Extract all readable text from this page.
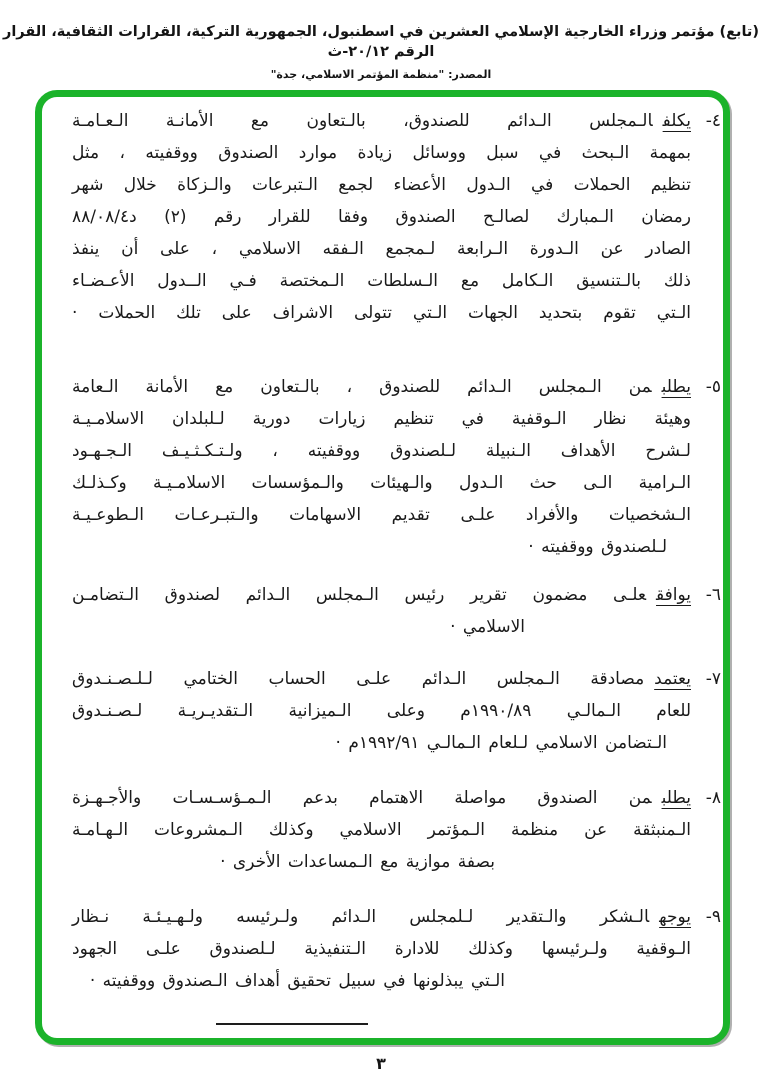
(تابع) مؤتمر وزراء الخارجية الإسلامي العشرين في اسطنبول، الجمهورية التركية، القرارات الثقافية، القرار الرقم ٢٠/١٢-ث
المصدر: "منظمة المؤتمر الاسلامي، جدة"
٤-
يكلفالـمجلس الـدائم للصندوق، بالـتعاون مع الأمانـة الـعـامـة
بمهمة الـبحث في سبل ووسائل زيادة موارد الصندوق ووقفيته ، مثل
تنظيم الحملات في الـدول الأعضاء لجمع الـتبرعات والـزكاة خلال شهر
رمضان الـمبارك لصالـح الصندوق وفقا للقرار رقم (٢) د٨٨/٠٨/٤
الصادر عن الـدورة الـرابعة لـمجمع الـفقه الاسلامي ، على أن ينفذ
ذلك بالـتنسيق الـكامل مع الـسلطات الـمختصة فـي الــدول الأعـضـاء
الـتي تقوم بتحديد الجهات الـتي تتولى الاشراف على تلك الحملات ·
٥-
يطلبمن الـمجلس الـدائم للصندوق ، بالـتعاون مع الأمانة الـعامة
وهيئة نظار الـوقفية في تنظيم زيارات دورية لـلبلدان الاسلامـيـة
لـشرح الأهداف الـنبيلة لـلصندوق ووقفيته ، ولـتـكـثـيـف الـجـهـود
الـرامية الـى حث الـدول والـهيئات والـمؤسسات الاسلامـيـة وكـذلـك
الـشخصيات والأفراد علـى تقديم الاسهامات والـتبـرعـات الـطوعـيـة
لـلصندوق ووقفيته ·
٦-
يوافقعلـى مضمون تقرير رئيس الـمجلس الـدائم لصندوق الـتضامـن
الاسلامي ·
٧-
يعتمدمصادقة الـمجلس الـدائم علـى الحساب الختامي لـلـصـنـدوق
للعام الـمالـي ١٩٩٠/٨٩م وعلى الـميزانية الـتقديـريـة لـصـنـدوق
الـتضامن الاسلامي لـلعام الـمالـي ١٩٩٢/٩١م ·
٨-
يطلبمن الصندوق مواصلة الاهتمام بدعم الـمـؤسـسـات والأجـهـزة
الـمنبثقة عن منظمة الـمؤتمر الاسلامي وكذلك الـمشروعات الـهـامـة
بصفة موازية مع الـمساعدات الأخرى ·
٩-
يوجهالـشكر والـتقدير لـلمجلس الـدائم ولـرئيسه ولـهـيـئـة نـظار
الـوقفية ولـرئيسها وكذلك للادارة الـتنفيذية لـلصندوق علـى الجهود
الـتي يبذلونها في سبيل تحقيق أهداف الـصندوق ووقفيته ·
٣
